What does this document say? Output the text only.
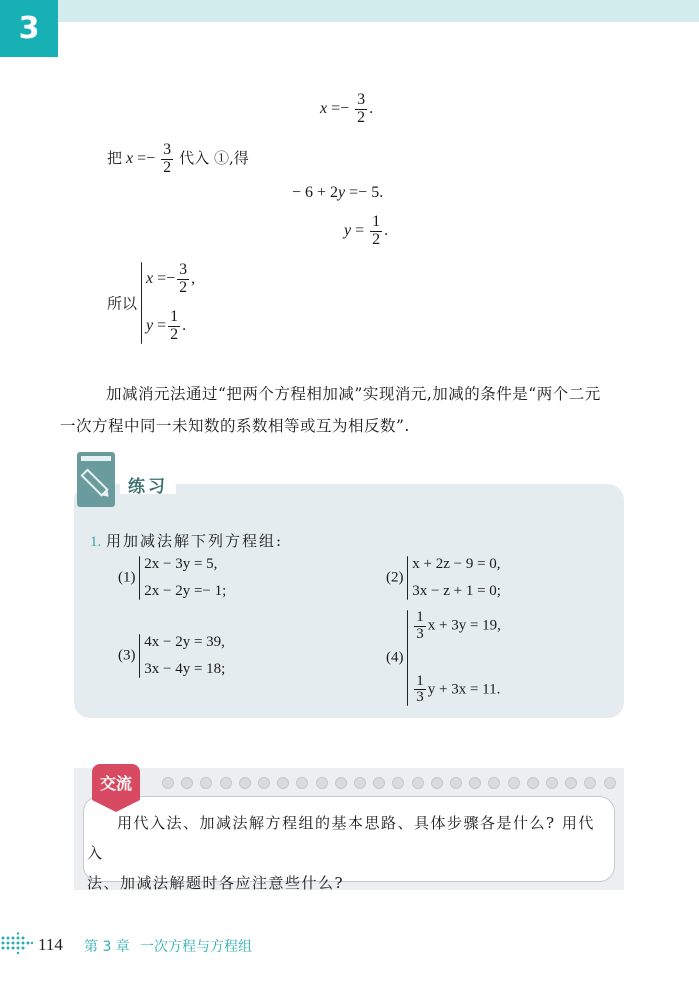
3
$x =- \frac{3}{2}$ .
把 $x =- \frac{3}{2}$ 代入 ①,得
− 6 + 2y =− 5.
$y = \frac{1}{2}$ .
所以
$x =- \frac{3}{2}$ ,
$y = \frac{1}{2}$ .
加减消元法通过“把两个方程相加减”实现消元,加减的条件是“两个二元
一次方程中同一未知数的系数相等或互为相反数”.
练习
1. 用加减法解下列方程组:
(1)
2x − 3y = 5,
2x − 2y =− 1;
(2)
x + 2z − 9 = 0,
3x − z + 1 = 0;
(3)
4x − 2y = 39,
3x − 4y = 18;
(4)
$\frac{1}{3}$ x + 3y = 19,
$\frac{1}{3}$ y + 3x = 11.
交流
用代入法、加减法解方程组的基本思路、具体步骤各是什么? 用代入
法、加减法解题时各应注意些什么?
114 第 3 章 一次方程与方程组
